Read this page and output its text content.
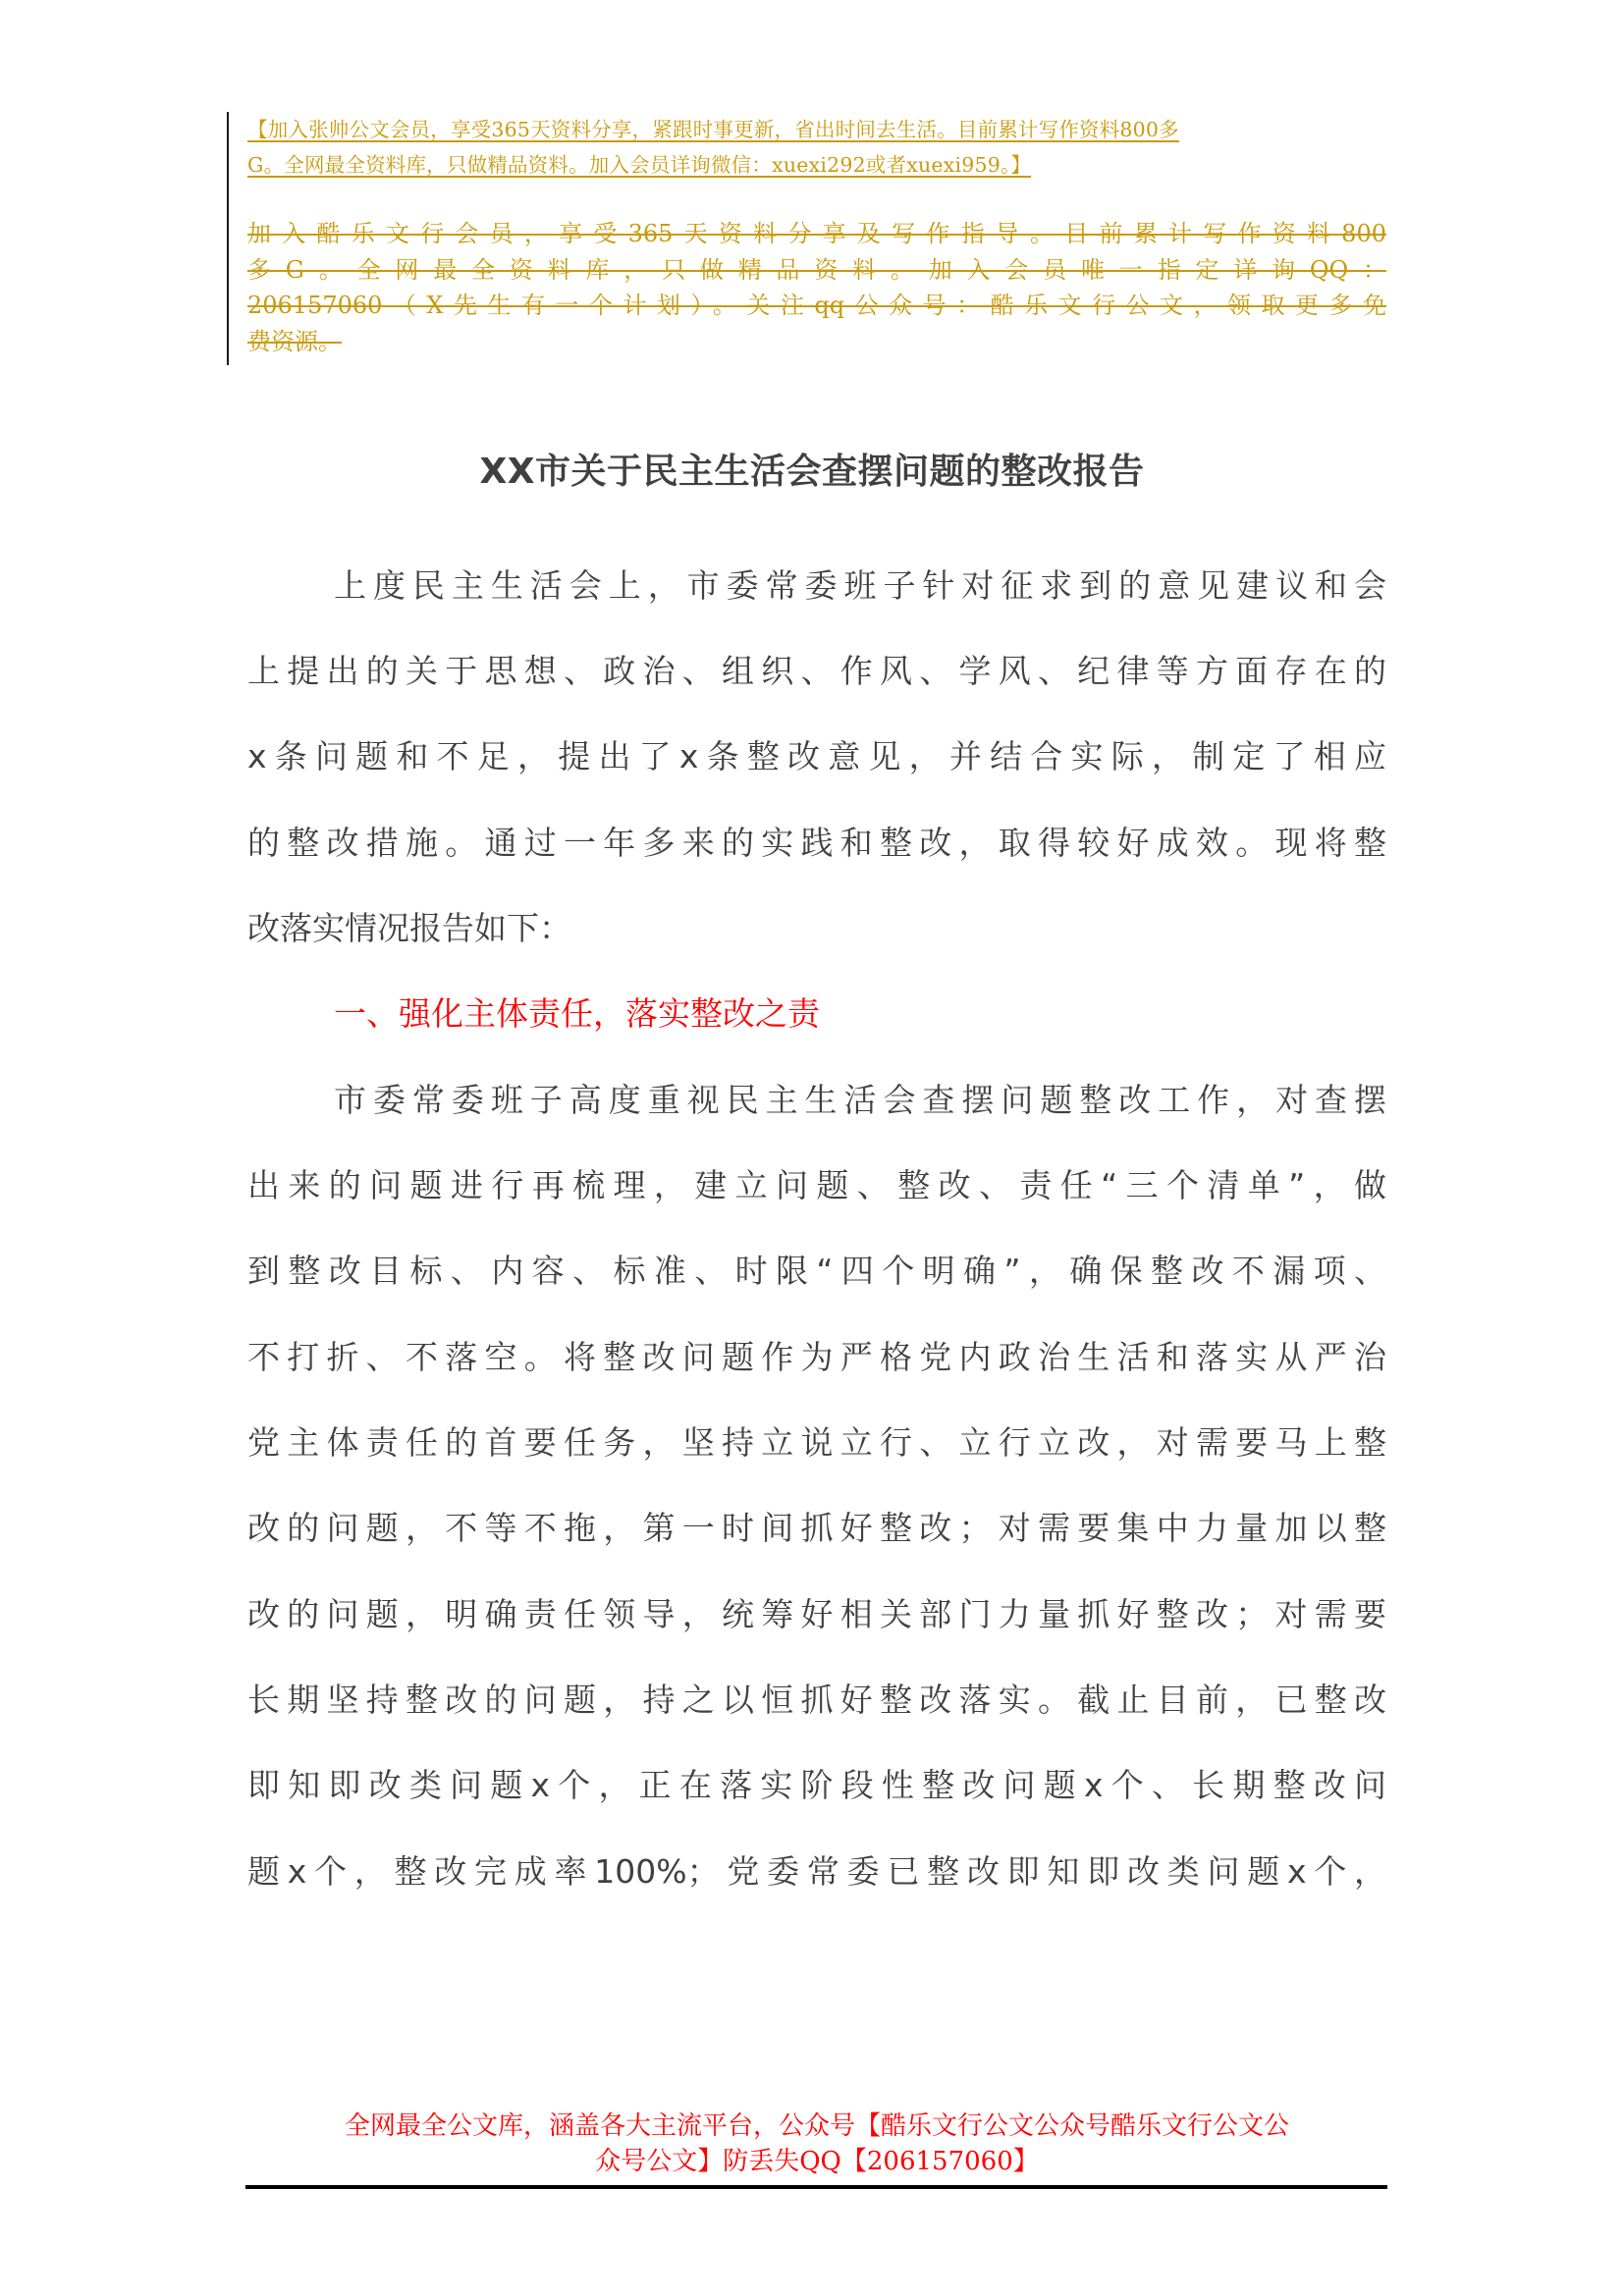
【加入张帅公文会员，享受365天资料分享，紧跟时事更新，省出时间去生活。目前累计写作资料800多
G。全网最全资料库，只做精品资料。加入会员详询微信：xuexi292或者xuexi959。】
加入酷乐文行会员，享受365天资料分享及写作指导。目前累计写作资料800
多G。全网最全资料库，只做精品资料。加入会员唯一指定详询QQ：
206157060（X先生有一个计划）。关注qq公众号：酷乐文行公文，领取更多免
费资源。
XX市关于民主生活会查摆问题的整改报告
上度民主生活会上，市委常委班子针对征求到的意见建议和会
上提出的关于思想、政治、组织、作风、学风、纪律等方面存在的
x条问题和不足，提出了x条整改意见，并结合实际，制定了相应
的整改措施。通过一年多来的实践和整改，取得较好成效。现将整
改落实情况报告如下：
一、强化主体责任，落实整改之责
市委常委班子高度重视民主生活会查摆问题整改工作，对查摆
出来的问题进行再梳理，建立问题、整改、责任“三个清单”，做
到整改目标、内容、标准、时限“四个明确”，确保整改不漏项、
不打折、不落空。将整改问题作为严格党内政治生活和落实从严治
党主体责任的首要任务，坚持立说立行、立行立改，对需要马上整
改的问题，不等不拖，第一时间抓好整改；对需要集中力量加以整
改的问题，明确责任领导，统筹好相关部门力量抓好整改；对需要
长期坚持整改的问题，持之以恒抓好整改落实。截止目前，已整改
即知即改类问题x个，正在落实阶段性整改问题x个、长期整改问
题x个，整改完成率100%；党委常委已整改即知即改类问题x个，
全网最全公文库，涵盖各大主流平台，公众号【酷乐文行公文公众号酷乐文行公文公
众号公文】防丢失QQ【206157060】
